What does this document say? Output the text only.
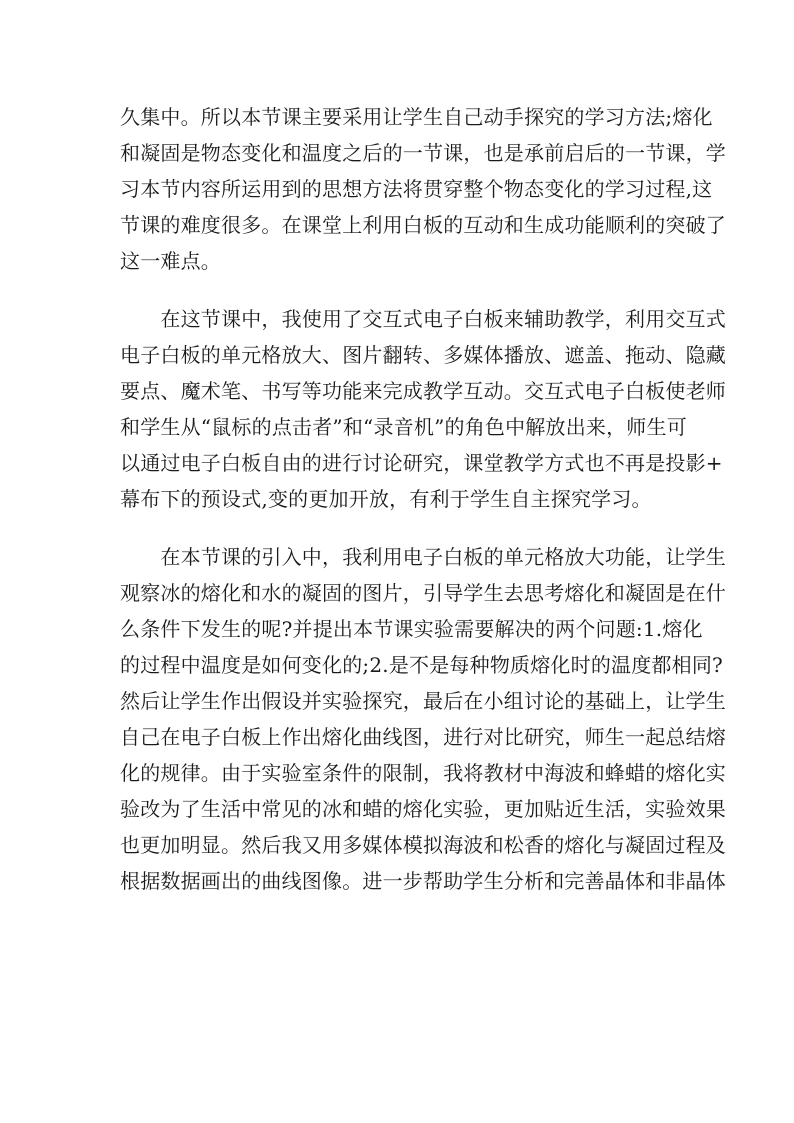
久集中。所以本节课主要采用让学生自己动手探究的学习方法;熔化
和凝固是物态变化和温度之后的一节课，也是承前启后的一节课，学
习本节内容所运用到的思想方法将贯穿整个物态变化的学习过程,这
节课的难度很多。在课堂上利用白板的互动和生成功能顺利的突破了
这一难点。
　　在这节课中，我使用了交互式电子白板来辅助教学，利用交互式
电子白板的单元格放大、图片翻转、多媒体播放、遮盖、拖动、隐藏
要点、魔术笔、书写等功能来完成教学互动。交互式电子白板使老师
和学生从“鼠标的点击者”和“录音机”的角色中解放出来，师生可
以通过电子白板自由的进行讨论研究，课堂教学方式也不再是投影+
幕布下的预设式,变的更加开放，有利于学生自主探究学习。
　　在本节课的引入中，我利用电子白板的单元格放大功能，让学生
观察冰的熔化和水的凝固的图片，引导学生去思考熔化和凝固是在什
么条件下发生的呢?并提出本节课实验需要解决的两个问题:1.熔化
的过程中温度是如何变化的;2.是不是每种物质熔化时的温度都相同?
然后让学生作出假设并实验探究，最后在小组讨论的基础上，让学生
自己在电子白板上作出熔化曲线图，进行对比研究，师生一起总结熔
化的规律。由于实验室条件的限制，我将教材中海波和蜂蜡的熔化实
验改为了生活中常见的冰和蜡的熔化实验，更加贴近生活，实验效果
也更加明显。然后我又用多媒体模拟海波和松香的熔化与凝固过程及
根据数据画出的曲线图像。进一步帮助学生分析和完善晶体和非晶体
